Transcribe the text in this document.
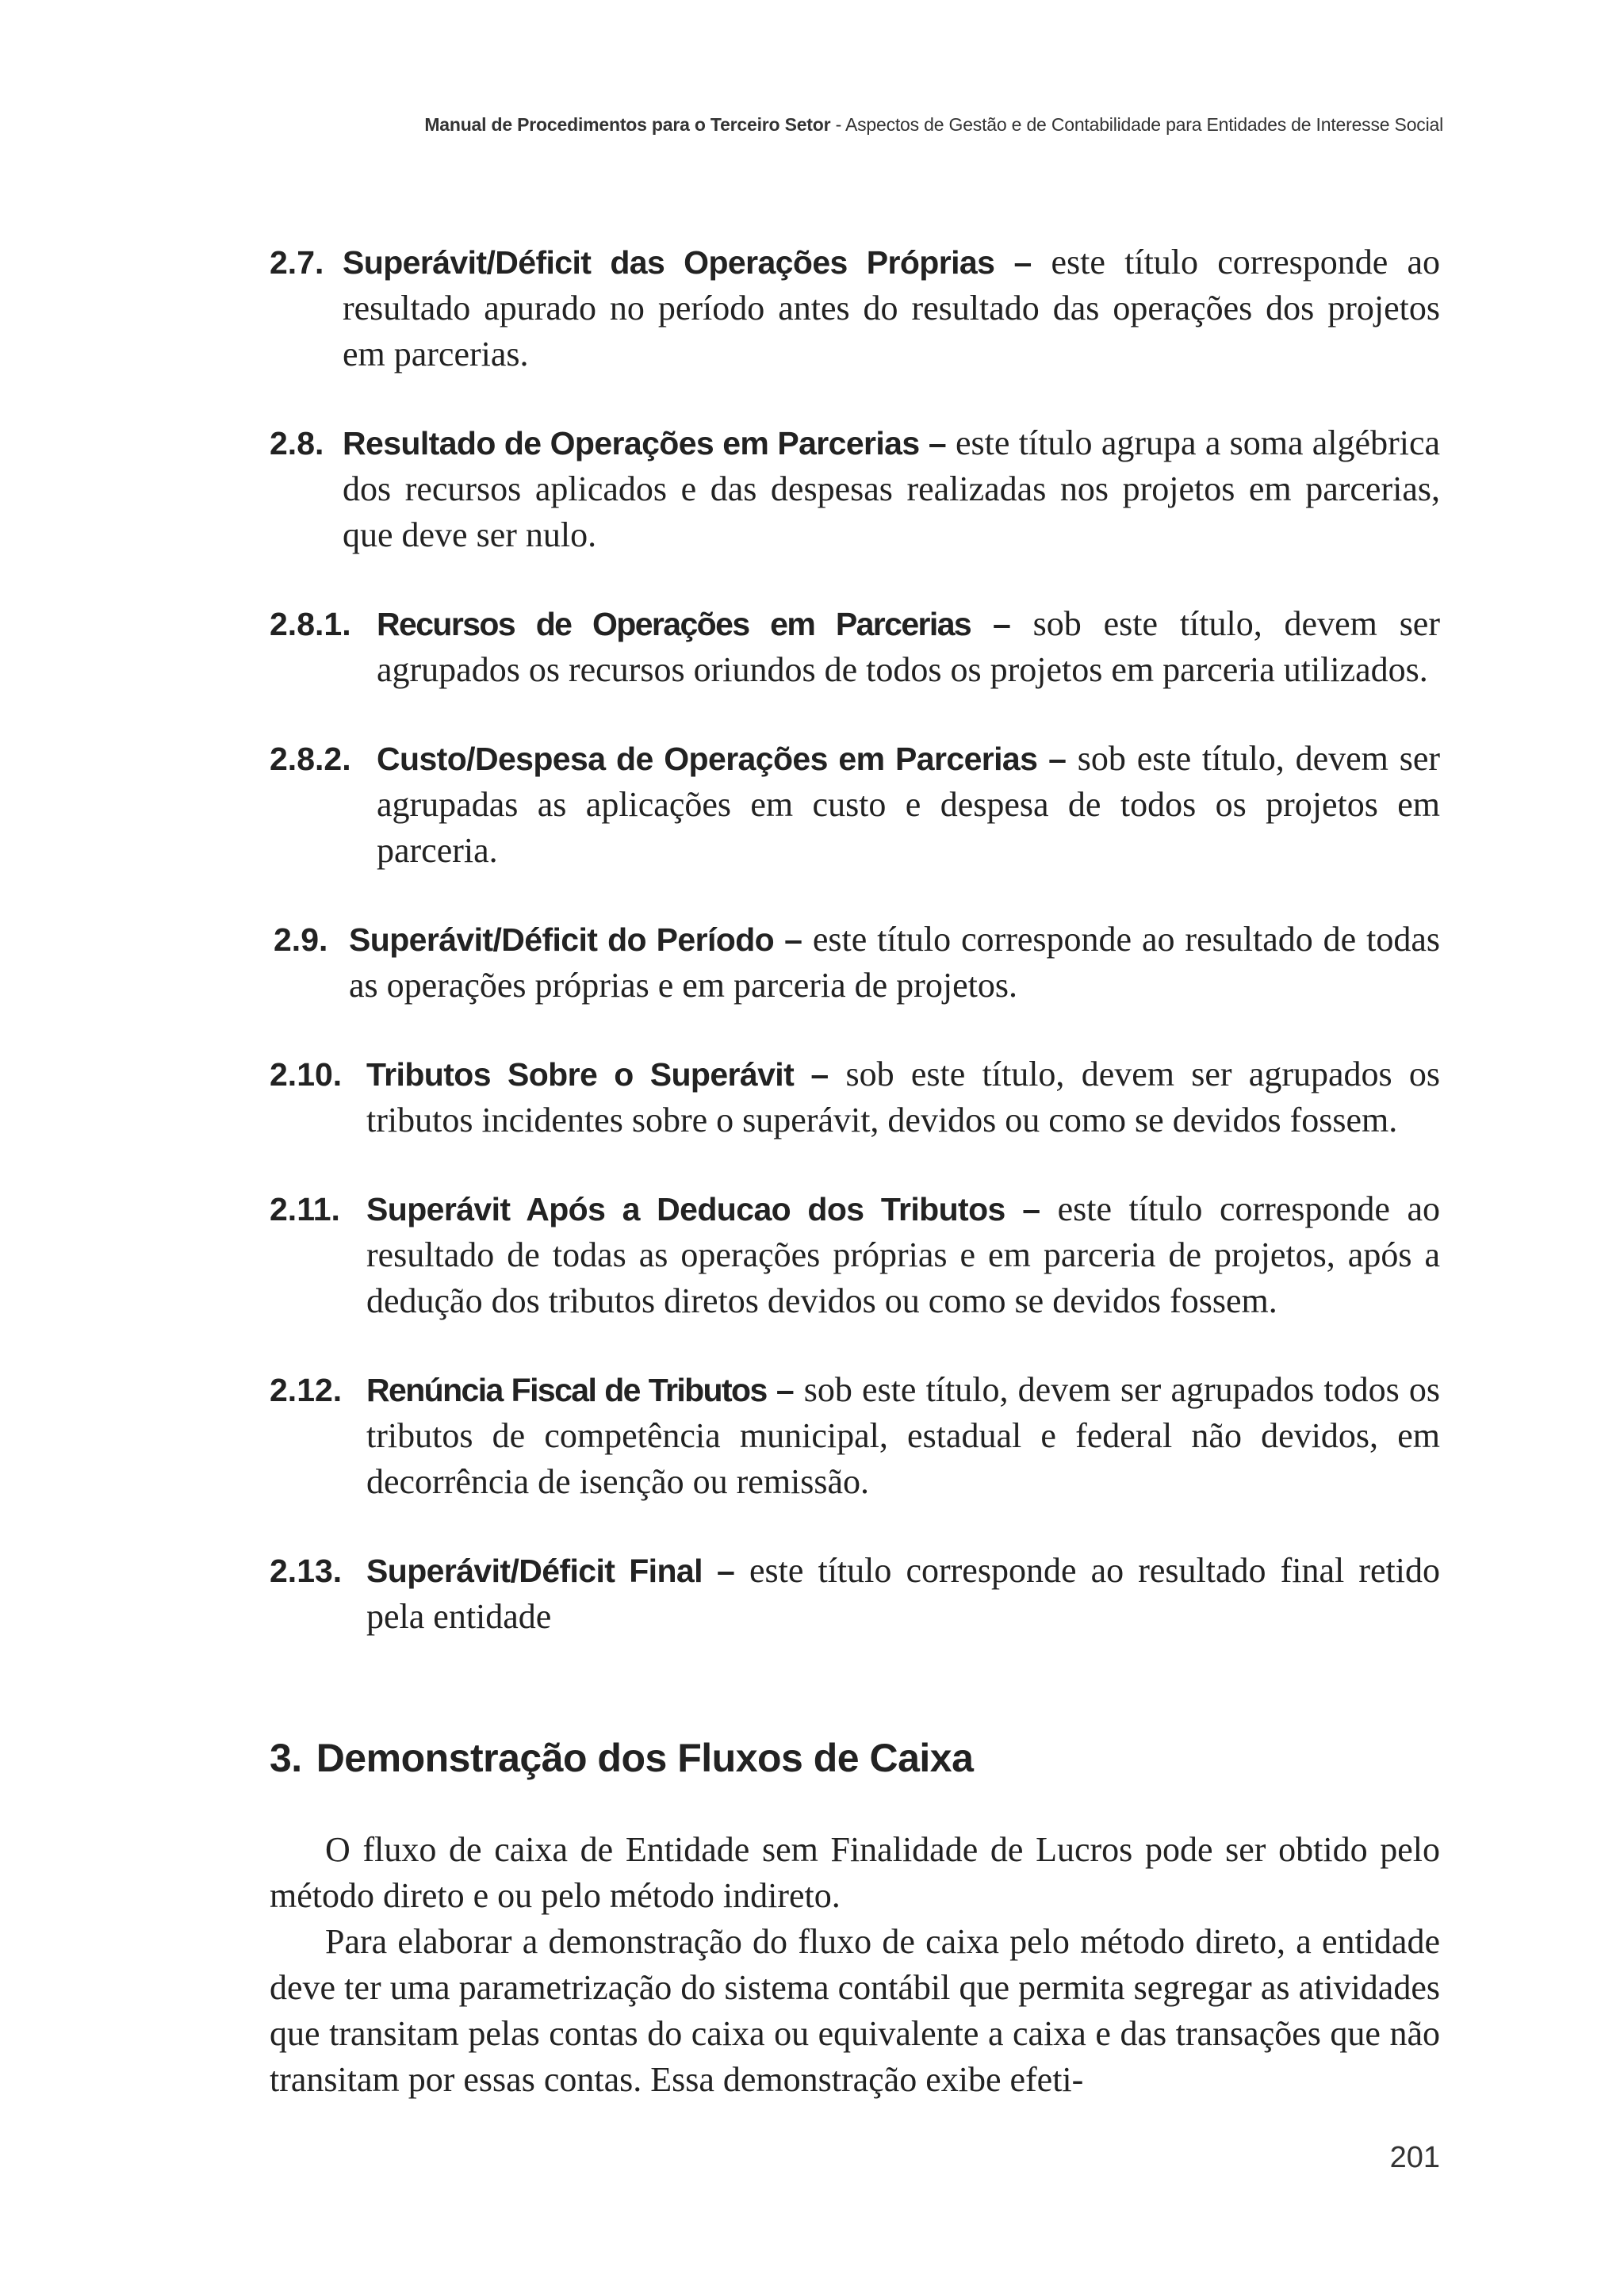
Manual de Procedimentos para o Terceiro Setor - Aspectos de Gestão e de Contabilidade para Entidades de Interesse Social

2.7. Superávit/Déficit das Operações Próprias – este título corresponde ao resultado apurado no período antes do resultado das operações dos projetos em parcerias.

2.8. Resultado de Operações em Parcerias – este título agrupa a soma algébrica dos recursos aplicados e das despesas realizadas nos projetos em parcerias, que deve ser nulo.

2.8.1. Recursos de Operações em Parcerias – sob este título, devem ser agrupados os recursos oriundos de todos os projetos em parceria utilizados.

2.8.2. Custo/Despesa de Operações em Parcerias – sob este título, devem ser agrupadas as aplicações em custo e despesa de todos os projetos em parceria.

2.9. Superávit/Déficit do Período – este título corresponde ao resultado de todas as operações próprias e em parceria de projetos.

2.10. Tributos Sobre o Superávit – sob este título, devem ser agrupados os tributos incidentes sobre o superávit, devidos ou como se devidos fossem.

2.11. Superávit Após a Deducao dos Tributos – este título corresponde ao resultado de todas as operações próprias e em parceria de projetos, após a dedução dos tributos diretos devidos ou como se devidos fossem.

2.12. Renúncia Fiscal de Tributos – sob este título, devem ser agrupados todos os tributos de competência municipal, estadual e federal não devidos, em decorrência de isenção ou remissão.

2.13. Superávit/Déficit Final – este título corresponde ao resultado final retido pela entidade

3. Demonstração dos Fluxos de Caixa

O fluxo de caixa de Entidade sem Finalidade de Lucros pode ser obtido pelo método direto e ou pelo método indireto.

Para elaborar a demonstração do fluxo de caixa pelo método direto, a entidade deve ter uma parametrização do sistema contábil que permita segregar as atividades que transitam pelas contas do caixa ou equivalente a caixa e das transações que não transitam por essas contas. Essa demonstração exibe efeti-

201
